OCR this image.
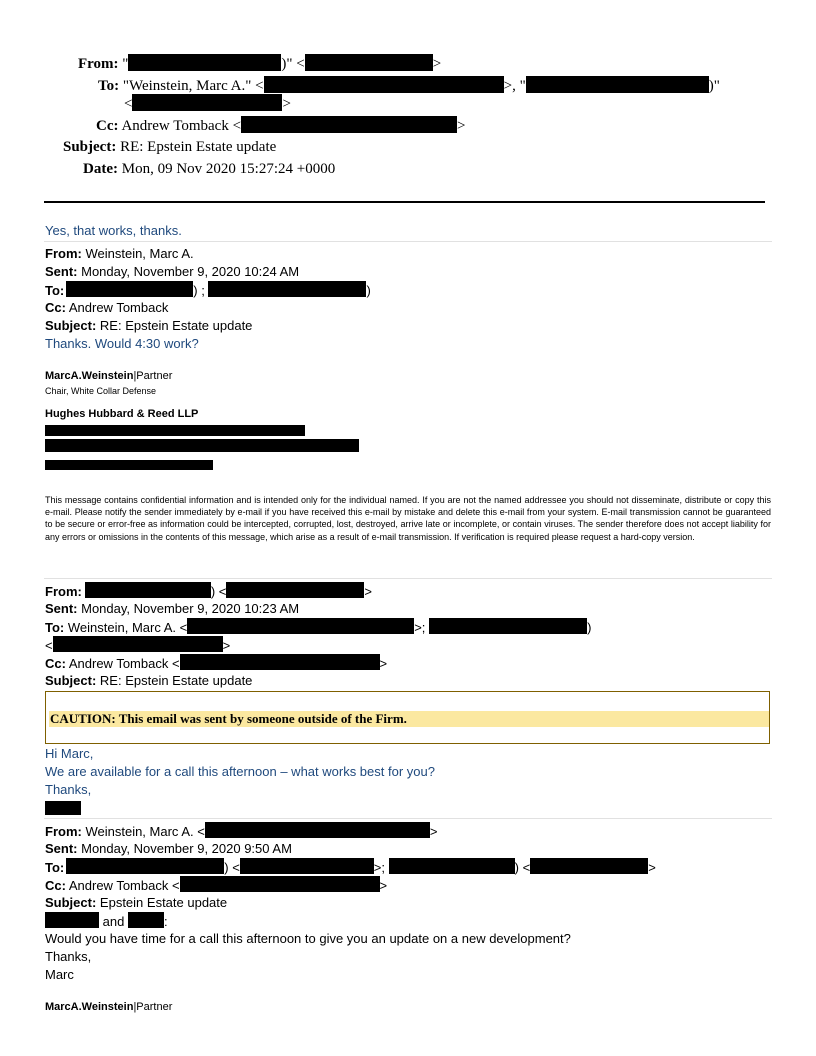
From: "	)" <	>
To: "Weinstein, Marc A." <	>, "	)"
<	>
Cc: Andrew Tomback <	>
Subject: RE: Epstein Estate update
Date: Mon, 09 Nov 2020 15:27:24 +0000
Yes, that works, thanks.
From: Weinstein, Marc A.
Sent: Monday, November 9, 2020 10:24 AM
To:	) ;	)
Cc: Andrew Tomback
Subject: RE: Epstein Estate update
Thanks. Would 4:30 work?
MarcA.Weinstein|Partner
Chair, White Collar Defense
Hughes Hubbard & Reed LLP
This message contains confidential information and is intended only for the individual named. If you are not the named addressee you should not disseminate, distribute or copy this e-mail. Please notify the sender immediately by e-mail if you have received this e-mail by mistake and delete this e-mail from your system. E-mail transmission cannot be guaranteed to be secure or error-free as information could be intercepted, corrupted, lost, destroyed, arrive late or incomplete, or contain viruses. The sender therefore does not accept liability for any errors or omissions in the contents of this message, which arise as a result of e-mail transmission. If verification is required please request a hard-copy version.
From:	) <	>
Sent: Monday, November 9, 2020 10:23 AM
To: Weinstein, Marc A. <	>;	)
<	>
Cc: Andrew Tomback <	>
Subject: RE: Epstein Estate update
CAUTION: This email was sent by someone outside of the Firm.
Hi Marc,
We are available for a call this afternoon – what works best for you?
Thanks,
From: Weinstein, Marc A. <	>
Sent: Monday, November 9, 2020 9:50 AM
To:	) <	>;	) <	>
Cc: Andrew Tomback <	>
Subject: Epstein Estate update
and	:
Would you have time for a call this afternoon to give you an update on a new development?
Thanks,
Marc
MarcA.Weinstein|Partner
